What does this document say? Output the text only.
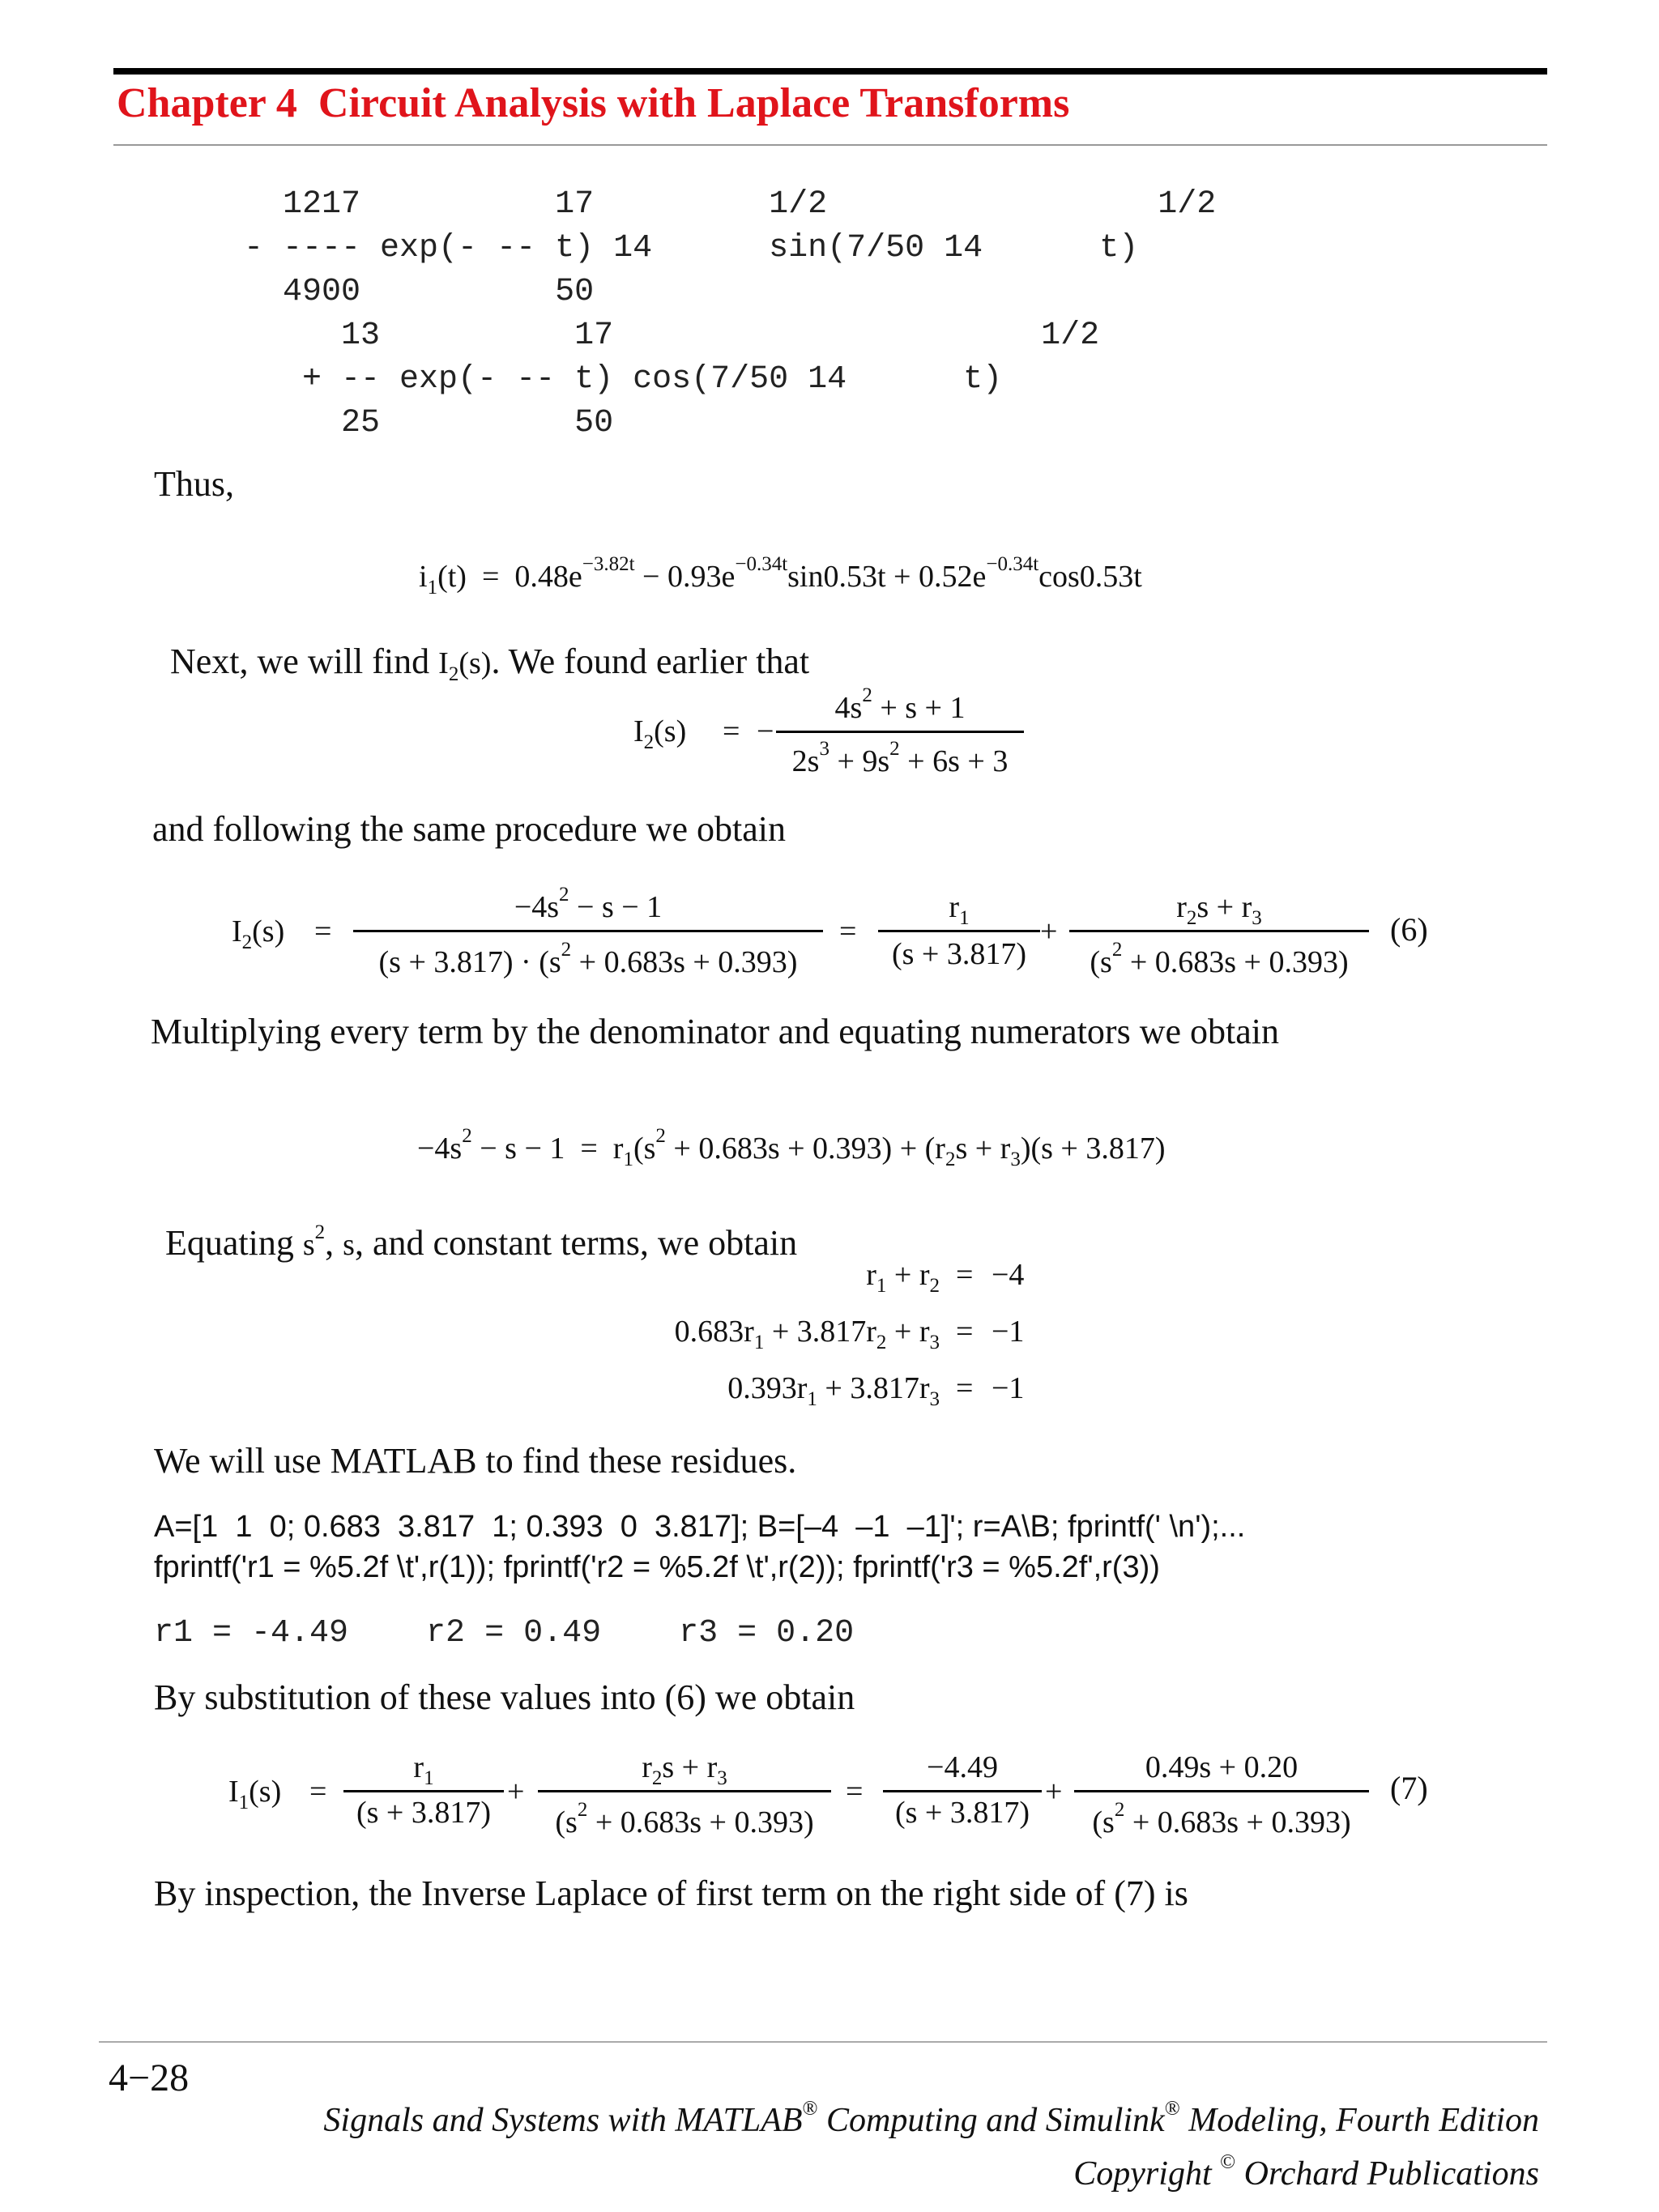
Chapter 4  Circuit Analysis with Laplace Transforms
1217          17         1/2                 1/2
- ---- exp(- -- t) 14      sin(7/50 14      t)
4900          50
13          17                      1/2
+ -- exp(- -- t) cos(7/50 14      t)
25          50
Thus,

$i_1(t) = 0.48e^{-3.82t} - 0.93e^{-0.34t}\sin 0.53t + 0.52e^{-0.34t}\cos 0.53t$

Next, we will find $I_2(s)$. We found earlier that

$I_2(s)$ = −
$4s^2 + s + 1$
$2s^3 + 9s^2 + 6s + 3$
and following the same procedure we obtain
$I_2(s)$ =
$-4s^2 - s - 1$
$(s + 3.817) \cdot (s^2 + 0.683s + 0.393)$
=
$r_1$
(s + 3.817)
+
$r_2s + r_3$
$(s^2 + 0.683s + 0.393)$
(6)
Multiplying every term by the denominator and equating numerators we obtain

$-4s^2 - s - 1 = r_1(s^2 + 0.683s + 0.393) + (r_2s + r_3)(s + 3.817)$

Equating $s^2$, s, and constant terms, we obtain

$r_1 + r_2 = -4$
$0.683r_1 + 3.817r_2 + r_3 = -1$
$0.393r_1 + 3.817r_3 = -1$
We will use MATLAB to find these residues.
A=[1  1  0; 0.683  3.817  1; 0.393  0  3.817]; B=[–4  –1  –1]'; r=A\B; fprintf(' \n');...
fprintf('r1 = %5.2f \t',r(1)); fprintf('r2 = %5.2f \t',r(2)); fprintf('r3 = %5.2f',r(3))
r1 = -4.49    r2 = 0.49    r3 = 0.20
By substitution of these values into (6) we obtain
$I_1(s)$ =
$r_1$
(s + 3.817)
+
$r_2s + r_3$
$(s^2 + 0.683s + 0.393)$
=
−4.49
(s + 3.817)
+
0.49s + 0.20
$(s^2 + 0.683s + 0.393)$
(7)
By inspection, the Inverse Laplace of first term on the right side of (7) is
4−28

Signals and Systems with MATLAB® Computing and Simulink® Modeling, Fourth Edition

Copyright © Orchard Publications
